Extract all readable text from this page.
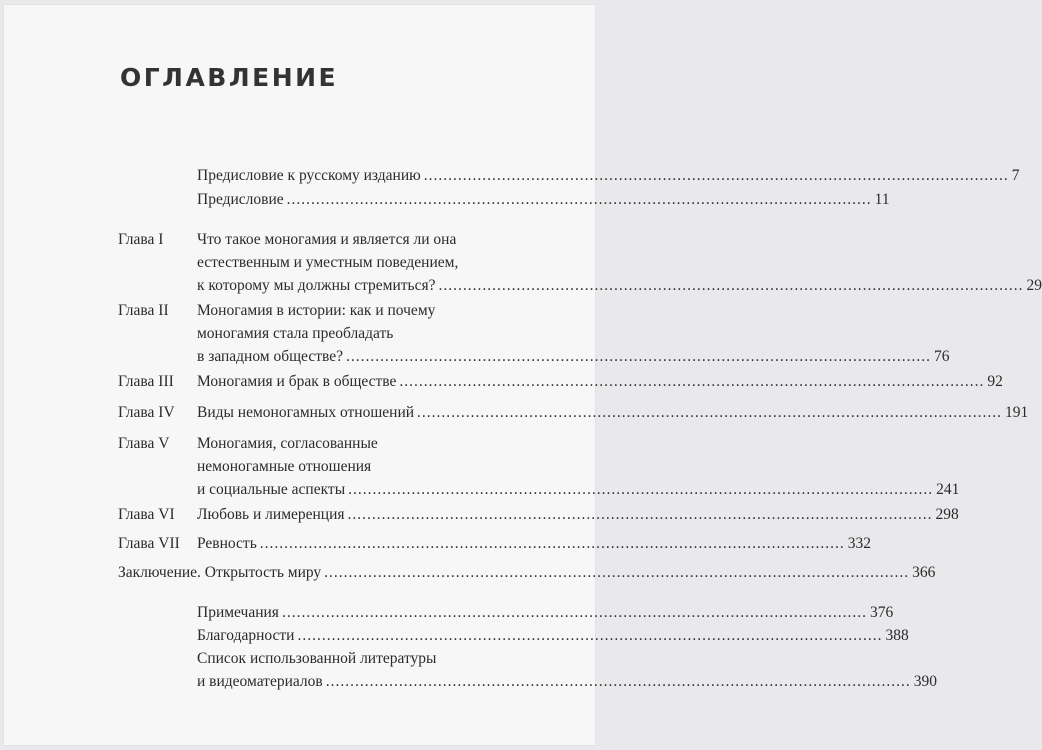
ОГЛАВЛЕНИЕ
Предисловие к русскому изданию ........................................................................................................................ 7
Предисловие ........................................................................................................................ 11
Глава I Что такое моногамия и является ли она
естественным и уместным поведением,
к которому мы должны стремиться? ........................................................................................................................ 29
Глава II Моногамия в истории: как и почему
моногамия стала преобладать
в западном обществе? ........................................................................................................................ 76
Глава III Моногамия и брак в обществе ........................................................................................................................ 92
Глава IV Виды немоногамных отношений ........................................................................................................................ 191
Глава V Моногамия, согласованные
немоногамные отношения
и социальные аспекты ........................................................................................................................ 241
Глава VI Любовь и лимеренция ........................................................................................................................ 298
Глава VII Ревность ........................................................................................................................ 332
Заключение. Открытость миру ........................................................................................................................ 366
Примечания ........................................................................................................................ 376
Благодарности ........................................................................................................................ 388
Список использованной литературы
и видеоматериалов ........................................................................................................................ 390
